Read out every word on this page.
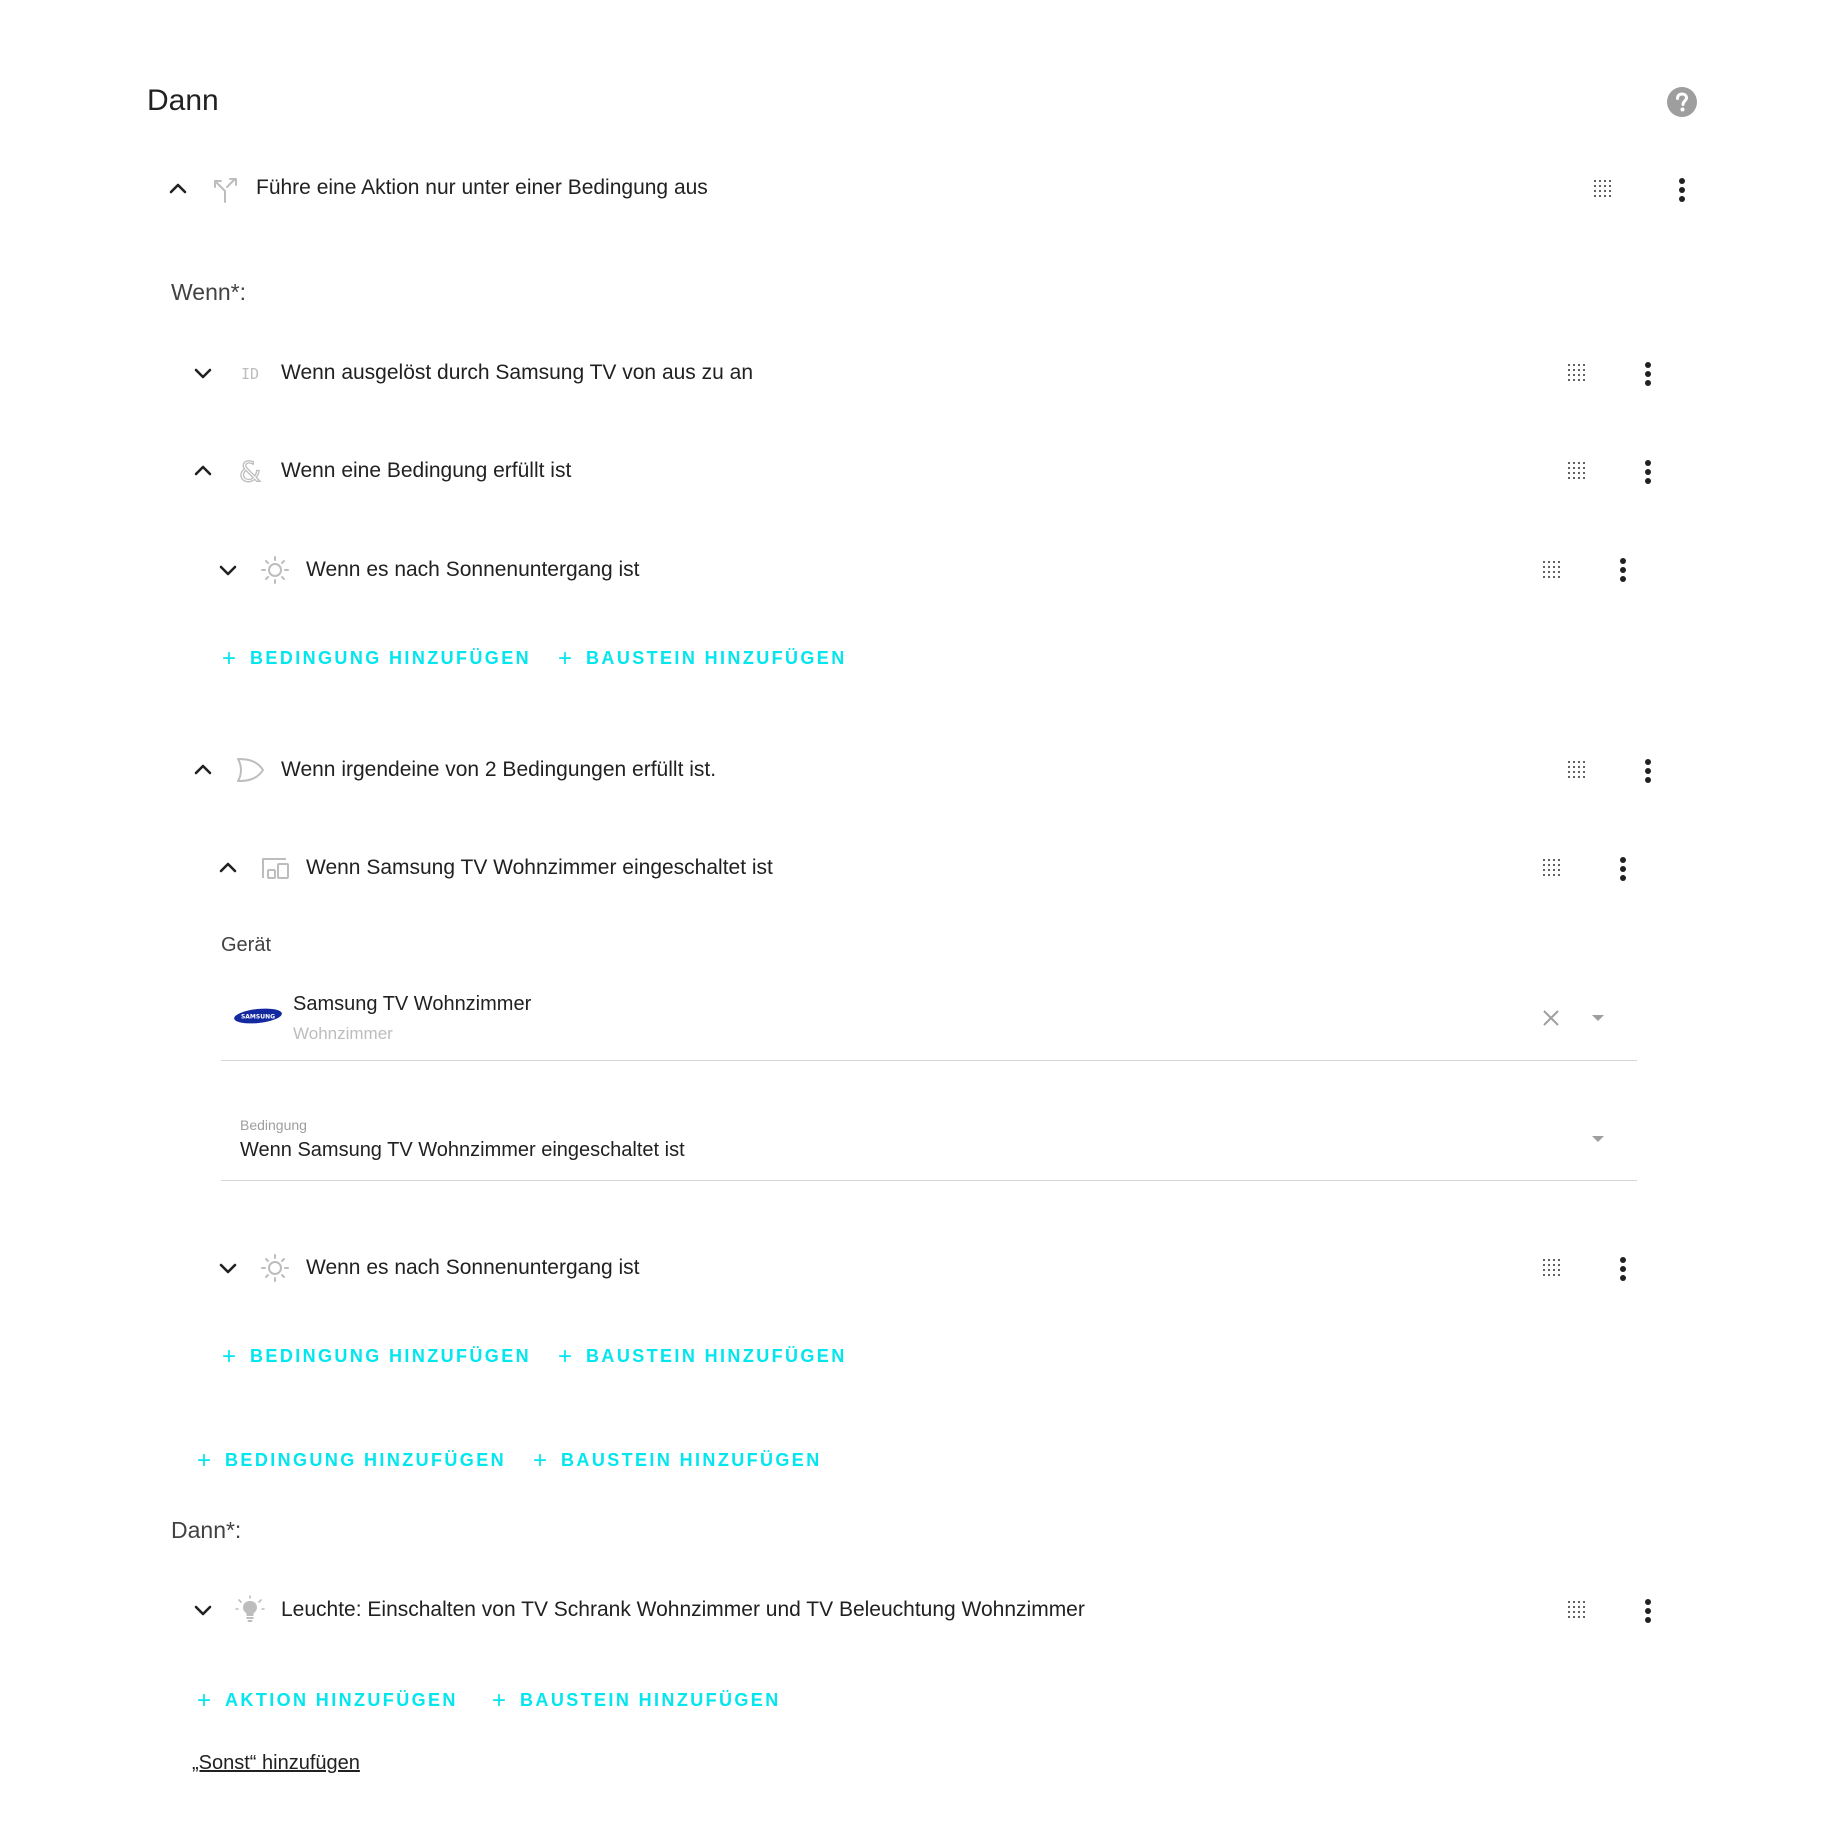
Dann
Führe eine Aktion nur unter einer Bedingung aus
Wenn*:
ID Wenn ausgelöst durch Samsung TV von aus zu an
& Wenn eine Bedingung erfüllt ist
Wenn es nach Sonnenuntergang ist
+ BEDINGUNG HINZUFÜGEN + BAUSTEIN HINZUFÜGEN
Wenn irgendeine von 2 Bedingungen erfüllt ist.
Wenn Samsung TV Wohnzimmer eingeschaltet ist
Gerät
SAMSUNG
Samsung TV Wohnzimmer
Wohnzimmer
Bedingung
Wenn Samsung TV Wohnzimmer eingeschaltet ist
Wenn es nach Sonnenuntergang ist
+ BEDINGUNG HINZUFÜGEN + BAUSTEIN HINZUFÜGEN
+ BEDINGUNG HINZUFÜGEN + BAUSTEIN HINZUFÜGEN
Dann*:
Leuchte: Einschalten von TV Schrank Wohnzimmer und TV Beleuchtung Wohnzimmer
+ AKTION HINZUFÜGEN + BAUSTEIN HINZUFÜGEN
„Sonst“ hinzufügen
